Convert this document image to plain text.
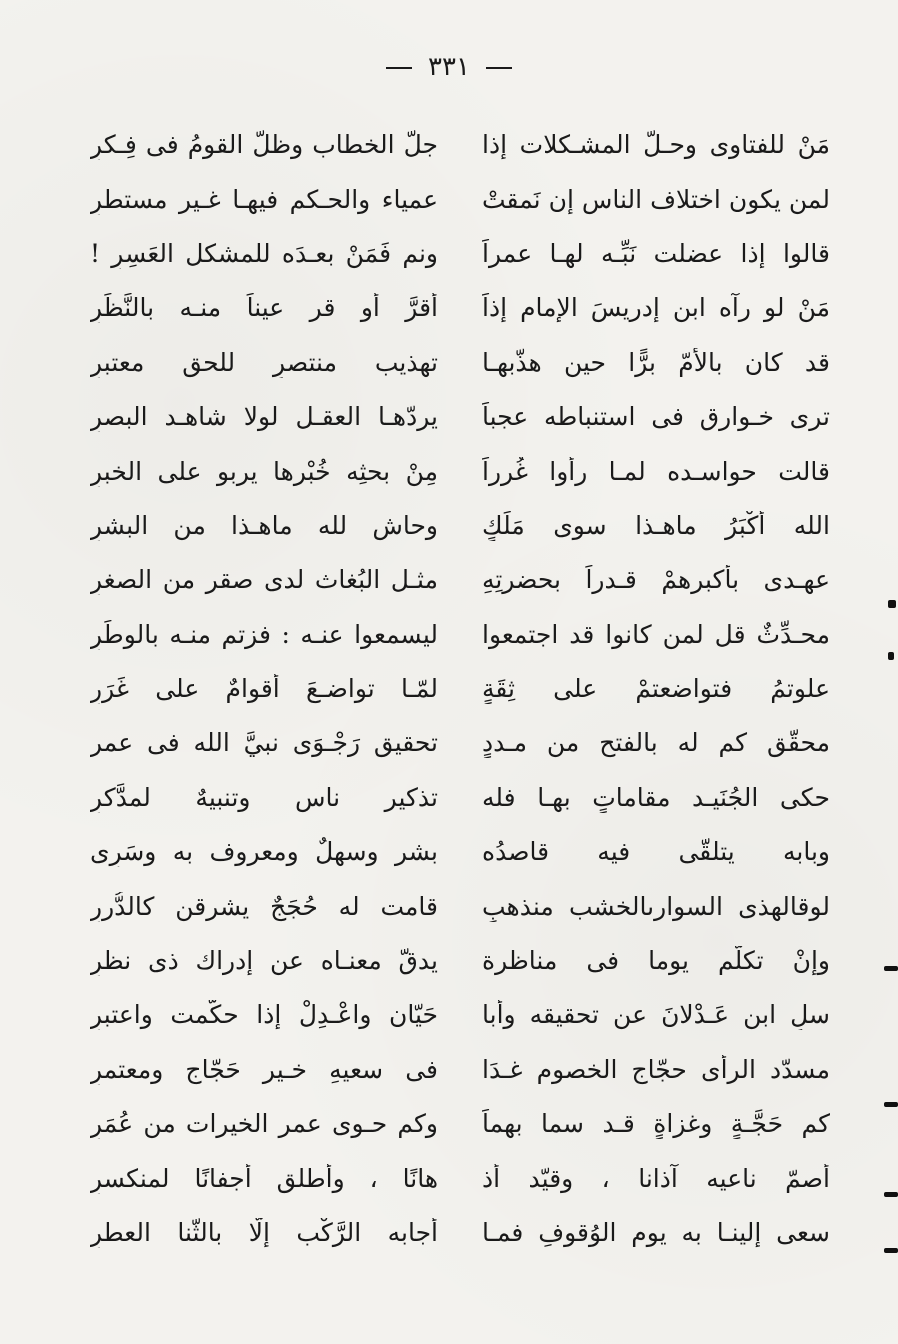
٣٣١
مَنْ للفتاوى وحـلَّ المشـكلات إذا
جلَّ الخطاب وظلَّ القومُ فى فِـكرِ
لمن يكون اختلاف الناس إن نَمقتْ
عمياء والحـكم فيهـا غـير مستطرِ
قالوا إذا عضلت نَبِّـه لهـا عمراً
ونم فَمَنْ بعـدَه للمشكل العَسِرِ !
مَنْ لو رآه ابن إدريسَ الإمام إذاً
أقرَّ أو قر عيناً منـه بالنَّظَرِ
قد كان بالأمّ برًّا حين هذّبهـا
تهذيب منتصرٍ للحق معتبرِ
ترى خـوارق فى استنباطه عجباً
يردّهـا العقـل لولا شاهـد البصرِ
قالت حواسـده لمـا رأوا غُرراً
مِنْ بحثِه خُبْرها يربو على الخبرِ
الله أكْبَرُ ماهـذا سوى مَلَكٍ
وحاش لله ماهـذا من البشرِ
عهـدى بأكبرهمْ قـدراً بحضرتِهِ
مثـل البُغاث لدى صقر من الصغرِ
محـدِّثٌ قل لمن كانوا قد اجتمعوا
ليسمعوا عنـه : فزتم منـه بالوطَرِ
علوتمُ فتواضعتمْ على ثِقَةٍ
لمّـا تواضـعَ أقوامٌ على غَرَرِ
محقّق كم له بالفتح من مـددٍ
تحقيق رَجْـوَى نبيَّ الله فى عمر
حكى الجُنَيـد مقاماتٍ بهـا فله
تذكير ناسٍ وتنبيهٌ لمدَّكرِ
وبابه يتلقّى فيه قاصدُه
بشر وسهلٌ ومعروف به وسَرِى
لوقالهذى السوارىالخشب منذهبٍ
قامت له حُجَجٌ يشرقن كالدُّررِ
وإنْ تكلّم يوما فى مناظرة
يدقّ معنـاه عن إدراك ذى نظرِ
سلِ ابن عَـدْلانَ عن تحقيقه وأبا
حَيّان واعْـدِلْ إذا حكّمت واعتبرِ
مسدّد الرأى حجّاج الخصوم غـدَا
فى سعيهِ خـير حَجّاجٍ ومعتمرِ
كم حَجَّـةٍ وغزاةٍ قـد سما بهماَ
وكم حـوى عمر الخيرات من عُمَرِ
أصمّ ناعيه آذانا ، وقيّد أذ
هانًا ، وأطلق أجفانًا لمنكسرِ
سعى إلينـا به يوم الوُقوفِ فمـا
أجابه الرَّكْب إلّا بالثّنا العطرِ
